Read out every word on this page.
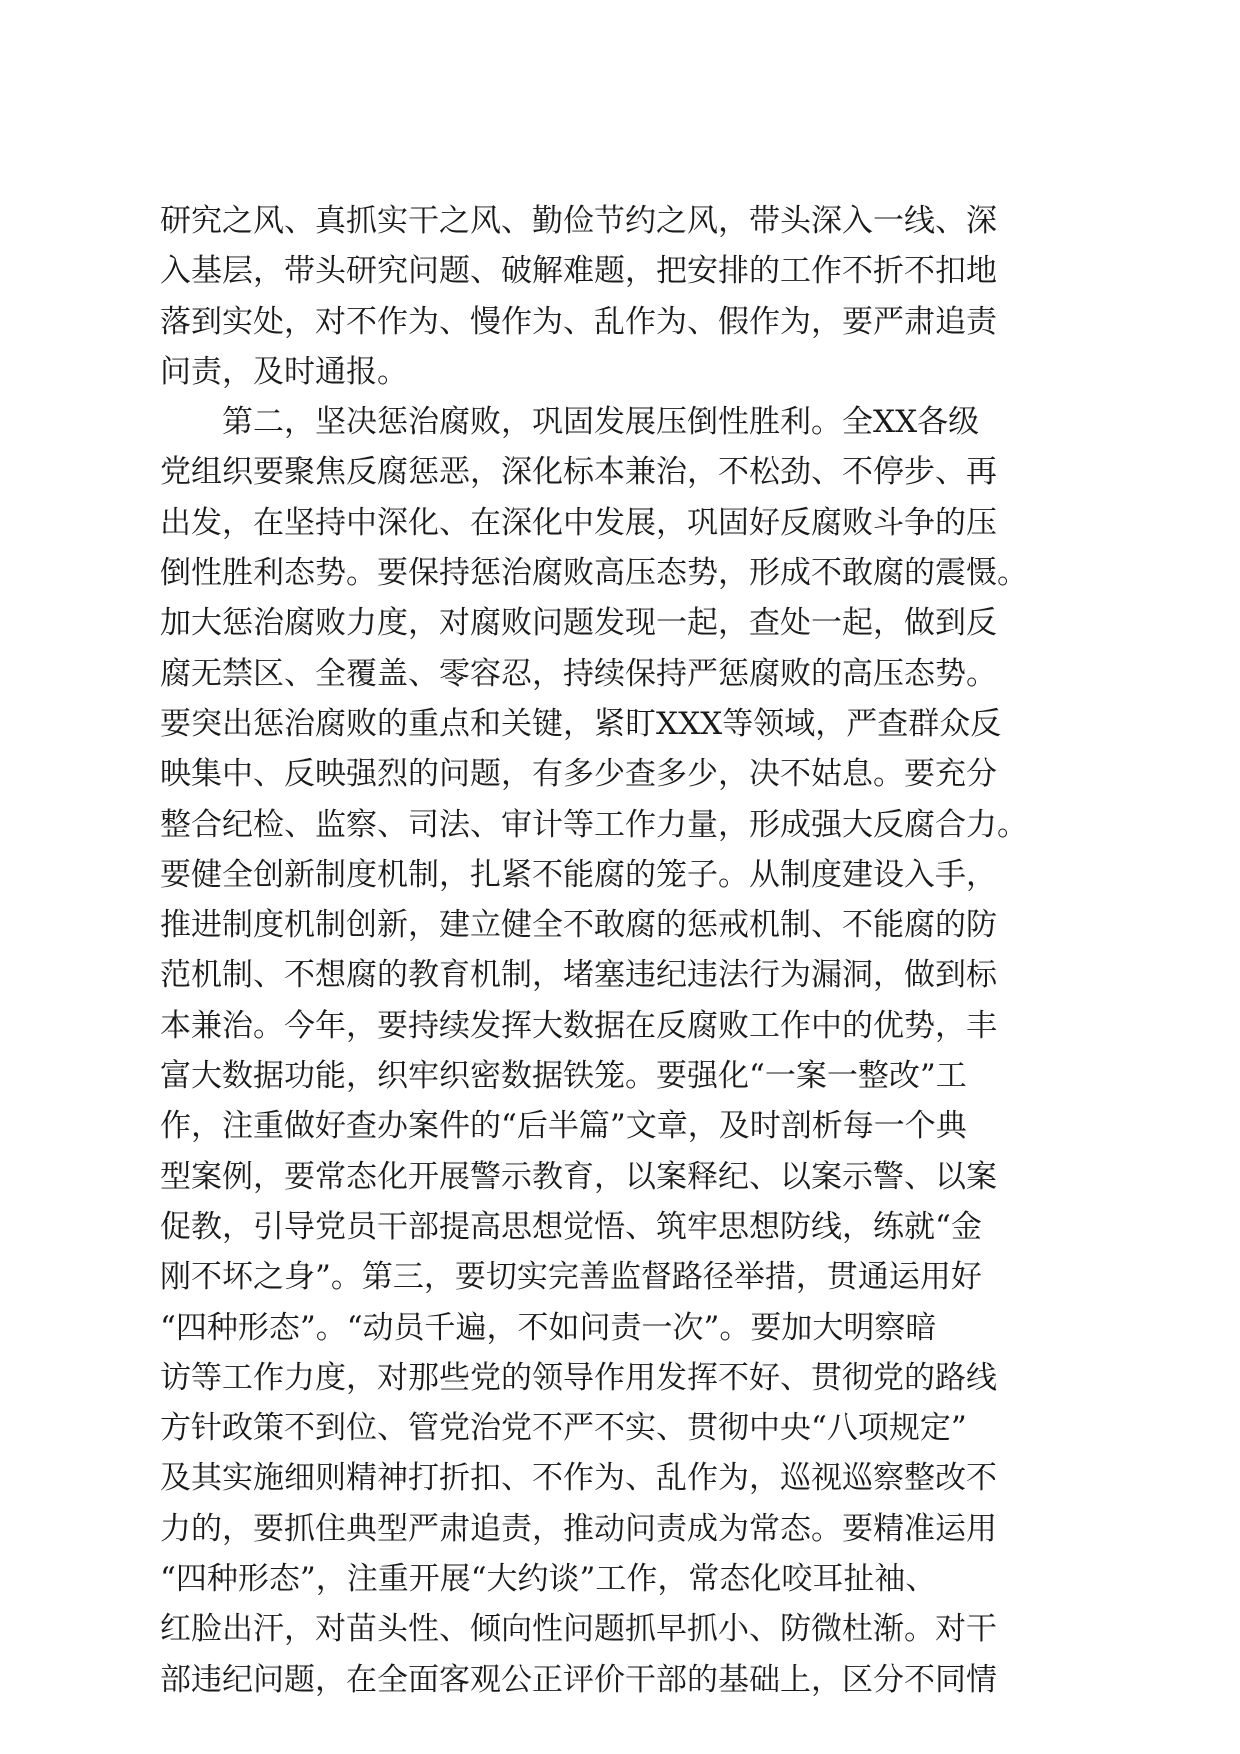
研究之风、真抓实干之风、勤俭节约之风，带头深入一线、深
入基层，带头研究问题、破解难题，把安排的工作不折不扣地
落到实处，对不作为、慢作为、乱作为、假作为，要严肃追责
问责，及时通报。
　　第二，坚决惩治腐败，巩固发展压倒性胜利。全XX各级
党组织要聚焦反腐惩恶，深化标本兼治，不松劲、不停步、再
出发，在坚持中深化、在深化中发展，巩固好反腐败斗争的压
倒性胜利态势。要保持惩治腐败高压态势，形成不敢腐的震慑。
加大惩治腐败力度，对腐败问题发现一起，查处一起，做到反
腐无禁区、全覆盖、零容忍，持续保持严惩腐败的高压态势。
要突出惩治腐败的重点和关键，紧盯XXX等领域，严查群众反
映集中、反映强烈的问题，有多少查多少，决不姑息。要充分
整合纪检、监察、司法、审计等工作力量，形成强大反腐合力。
要健全创新制度机制，扎紧不能腐的笼子。从制度建设入手，
推进制度机制创新，建立健全不敢腐的惩戒机制、不能腐的防
范机制、不想腐的教育机制，堵塞违纪违法行为漏洞，做到标
本兼治。今年，要持续发挥大数据在反腐败工作中的优势，丰
富大数据功能，织牢织密数据铁笼。要强化“一案一整改”工
作，注重做好查办案件的“后半篇”文章，及时剖析每一个典
型案例，要常态化开展警示教育，以案释纪、以案示警、以案
促教，引导党员干部提高思想觉悟、筑牢思想防线，练就“金
刚不坏之身”。第三，要切实完善监督路径举措，贯通运用好
“四种形态”。“动员千遍，不如问责一次”。要加大明察暗
访等工作力度，对那些党的领导作用发挥不好、贯彻党的路线
方针政策不到位、管党治党不严不实、贯彻中央“八项规定”
及其实施细则精神打折扣、不作为、乱作为，巡视巡察整改不
力的，要抓住典型严肃追责，推动问责成为常态。要精准运用
“四种形态”，注重开展“大约谈”工作，常态化咬耳扯袖、
红脸出汗，对苗头性、倾向性问题抓早抓小、防微杜渐。对干
部违纪问题，在全面客观公正评价干部的基础上，区分不同情
